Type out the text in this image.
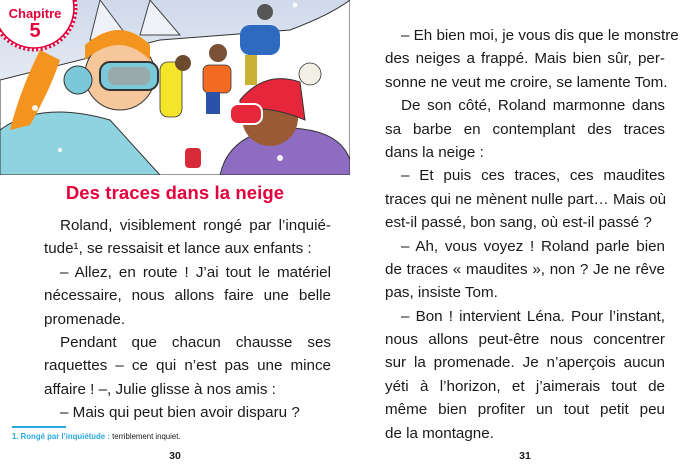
Chapitre
5
Des traces dans la neige
Roland, visiblement rongé par l’inquié-
tude¹, se ressaisit et lance aux enfants :
– Allez, en route ! J’ai tout le matériel
nécessaire, nous allons faire une belle
promenade.
Pendant que chacun chausse ses
raquettes – ce qui n’est pas une mince
affaire ! –, Julie glisse à nos amis :
– Mais qui peut bien avoir disparu ?
1. Rongé par l’inquiétude : terriblement inquiet.
30
– Eh bien moi, je vous dis que le monstre
des neiges a frappé. Mais bien sûr, per-
sonne ne veut me croire, se lamente Tom.
De son côté, Roland marmonne dans
sa barbe en contemplant des traces
dans la neige :
– Et puis ces traces, ces maudites
traces qui ne mènent nulle part… Mais où
est-il passé, bon sang, où est-il passé ?
– Ah, vous voyez ! Roland parle bien
de traces « maudites », non ? Je ne rêve
pas, insiste Tom.
– Bon ! intervient Léna. Pour l’instant,
nous allons peut-être nous concentrer
sur la promenade. Je n’aperçois aucun
yéti à l’horizon, et j’aimerais tout de
même bien profiter un tout petit peu
de la montagne.
31
